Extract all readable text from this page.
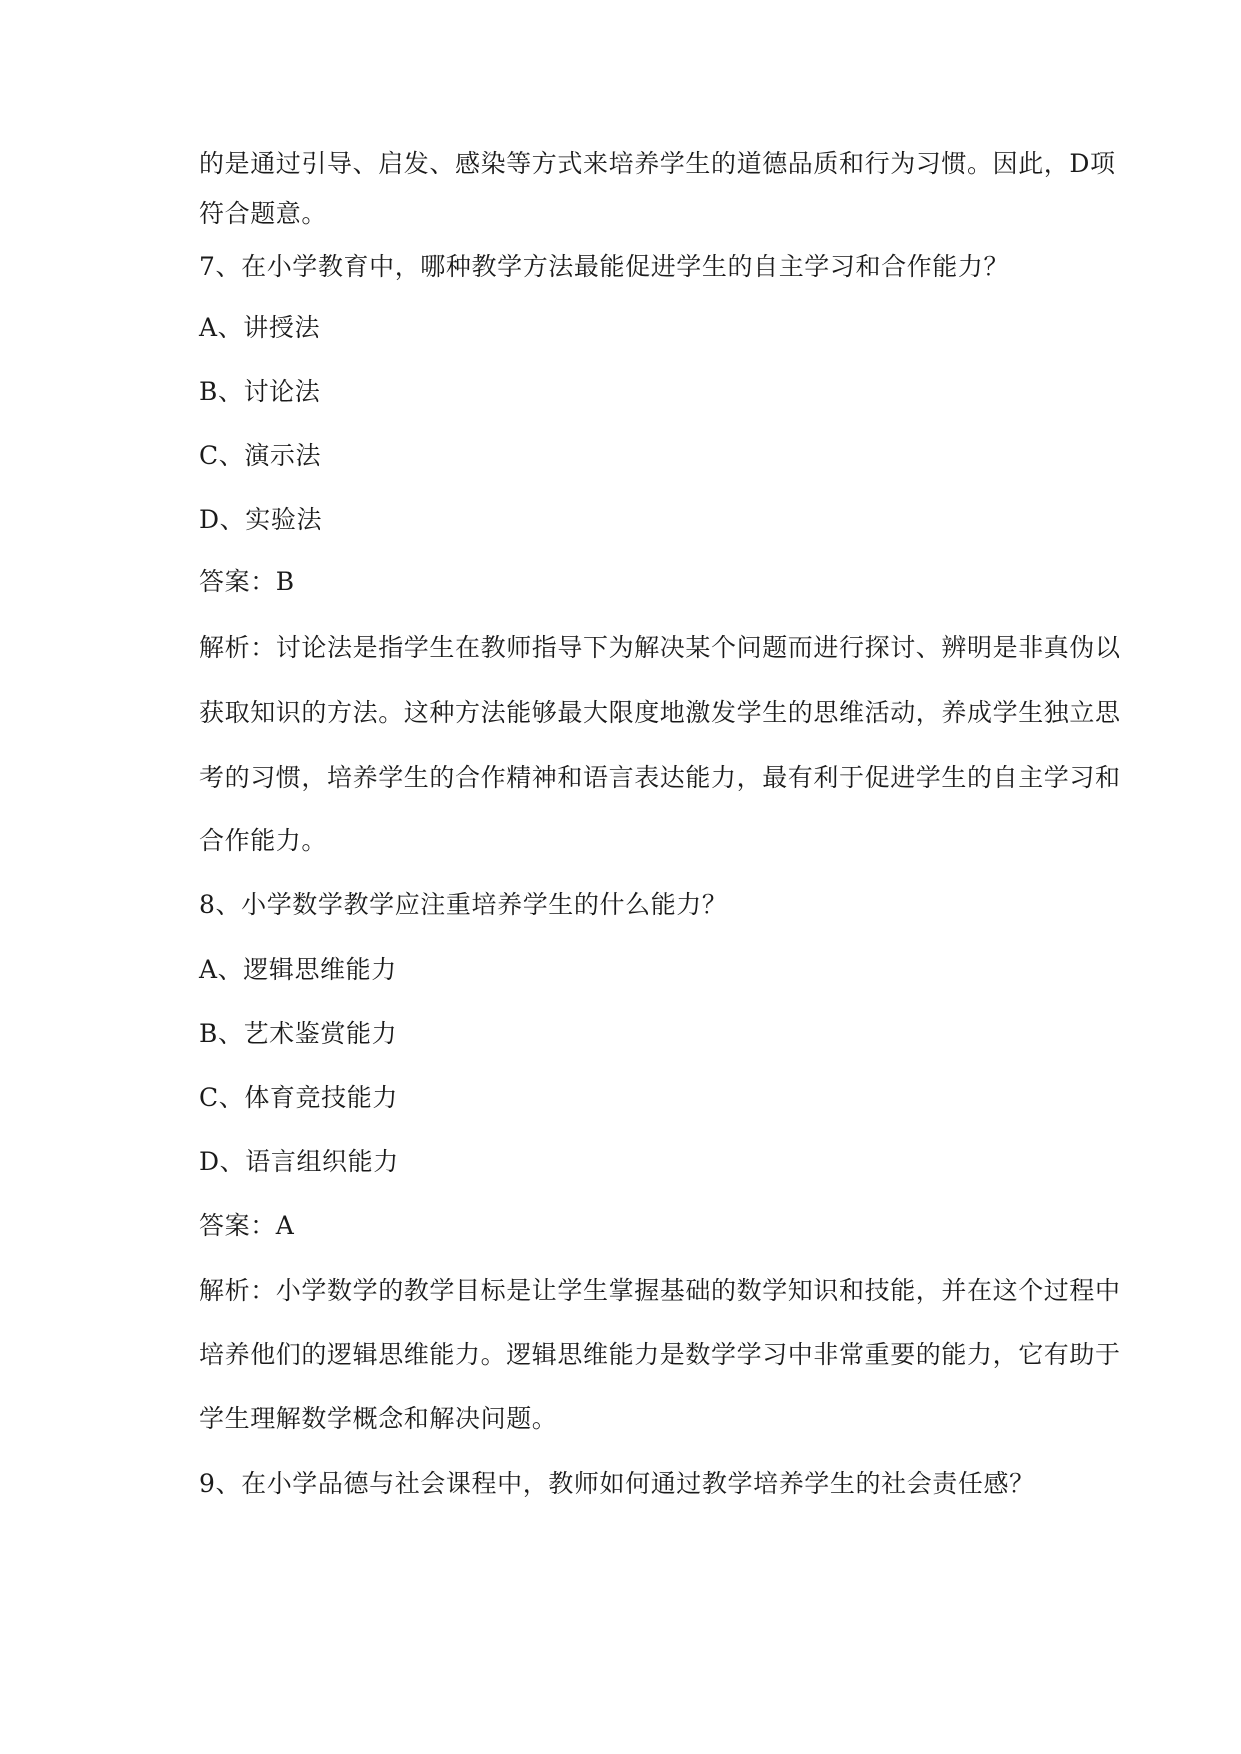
的是通过引导、启发、感染等方式来培养学生的道德品质和行为习惯。因此，D项
符合题意。
7、在小学教育中，哪种教学方法最能促进学生的自主学习和合作能力？
A、讲授法
B、讨论法
C、演示法
D、实验法
答案：B
解析：讨论法是指学生在教师指导下为解决某个问题而进行探讨、辨明是非真伪以
获取知识的方法。这种方法能够最大限度地激发学生的思维活动，养成学生独立思
考的习惯，培养学生的合作精神和语言表达能力，最有利于促进学生的自主学习和
合作能力。
8、小学数学教学应注重培养学生的什么能力？
A、逻辑思维能力
B、艺术鉴赏能力
C、体育竞技能力
D、语言组织能力
答案：A
解析：小学数学的教学目标是让学生掌握基础的数学知识和技能，并在这个过程中
培养他们的逻辑思维能力。逻辑思维能力是数学学习中非常重要的能力，它有助于
学生理解数学概念和解决问题。
9、在小学品德与社会课程中，教师如何通过教学培养学生的社会责任感？
